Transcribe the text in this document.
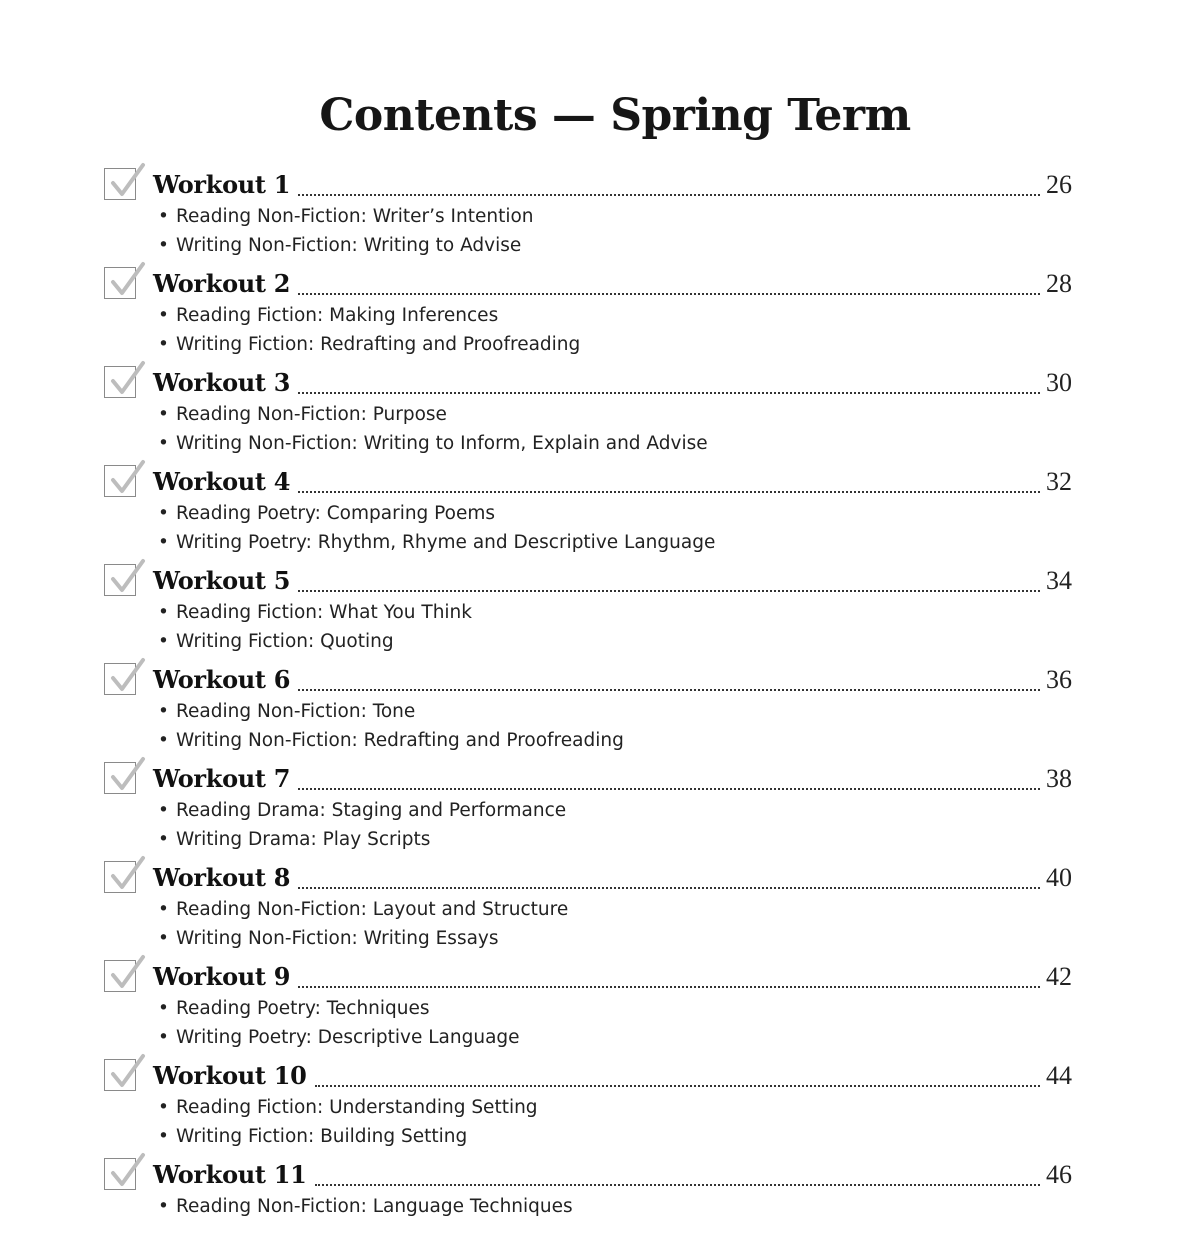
Contents — Spring Term
Workout 1	26
• Reading Non-Fiction: Writer’s Intention
• Writing Non-Fiction: Writing to Advise
Workout 2	28
• Reading Fiction: Making Inferences
• Writing Fiction: Redrafting and Proofreading
Workout 3	30
• Reading Non-Fiction: Purpose
• Writing Non-Fiction: Writing to Inform, Explain and Advise
Workout 4	32
• Reading Poetry: Comparing Poems
• Writing Poetry: Rhythm, Rhyme and Descriptive Language
Workout 5	34
• Reading Fiction: What You Think
• Writing Fiction: Quoting
Workout 6	36
• Reading Non-Fiction: Tone
• Writing Non-Fiction: Redrafting and Proofreading
Workout 7	38
• Reading Drama: Staging and Performance
• Writing Drama: Play Scripts
Workout 8	40
• Reading Non-Fiction: Layout and Structure
• Writing Non-Fiction: Writing Essays
Workout 9	42
• Reading Poetry: Techniques
• Writing Poetry: Descriptive Language
Workout 10	44
• Reading Fiction: Understanding Setting
• Writing Fiction: Building Setting
Workout 11	46
• Reading Non-Fiction: Language Techniques
